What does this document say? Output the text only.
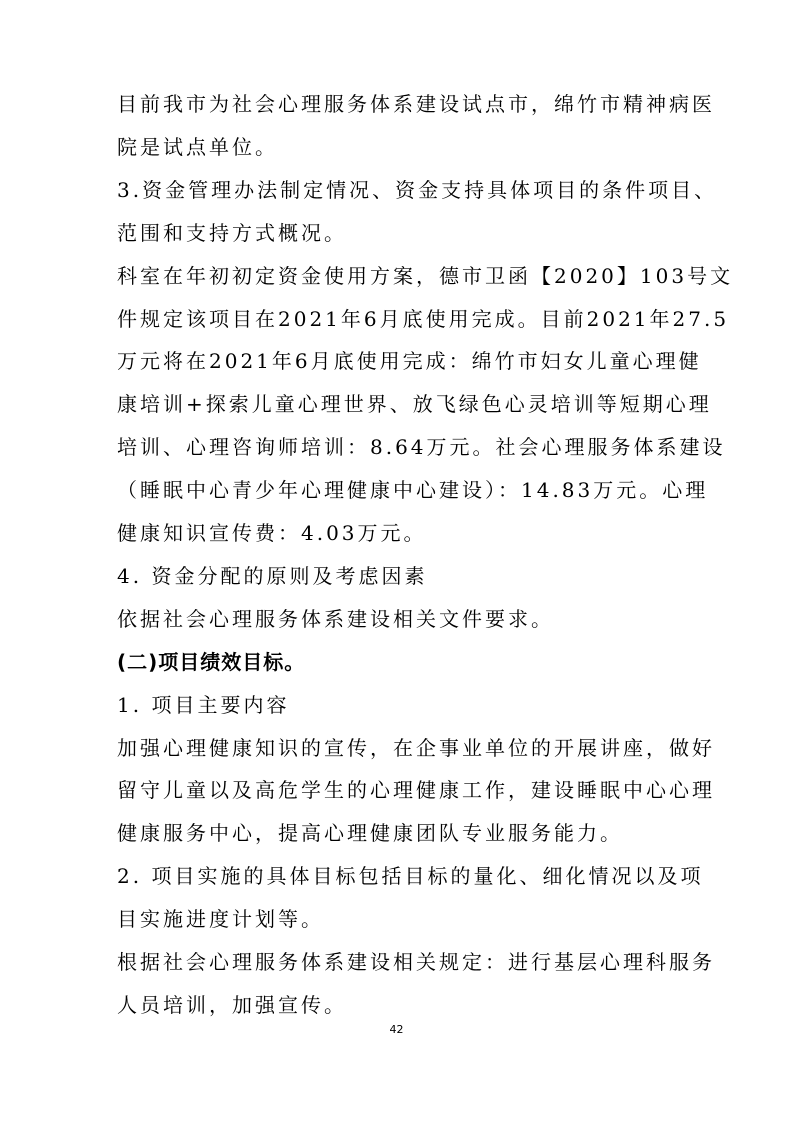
目前我市为社会心理服务体系建设试点市，绵竹市精神病医
院是试点单位。
3.资金管理办法制定情况、资金支持具体项目的条件项目、
范围和支持方式概况。
科室在年初初定资金使用方案，德市卫函【2020】103号文
件规定该项目在2021年6月底使用完成。目前2021年27.5
万元将在2021年6月底使用完成：绵竹市妇女儿童心理健
康培训+探索儿童心理世界、放飞绿色心灵培训等短期心理
培训、心理咨询师培训：8.64万元。社会心理服务体系建设
（睡眠中心青少年心理健康中心建设）：14.83万元。心理
健康知识宣传费：4.03万元。
4. 资金分配的原则及考虑因素
依据社会心理服务体系建设相关文件要求。
(二)项目绩效目标。
1. 项目主要内容
加强心理健康知识的宣传，在企事业单位的开展讲座，做好
留守儿童以及高危学生的心理健康工作，建设睡眠中心心理
健康服务中心，提高心理健康团队专业服务能力。
2. 项目实施的具体目标包括目标的量化、细化情况以及项
目实施进度计划等。
根据社会心理服务体系建设相关规定：进行基层心理科服务
人员培训，加强宣传。
42
